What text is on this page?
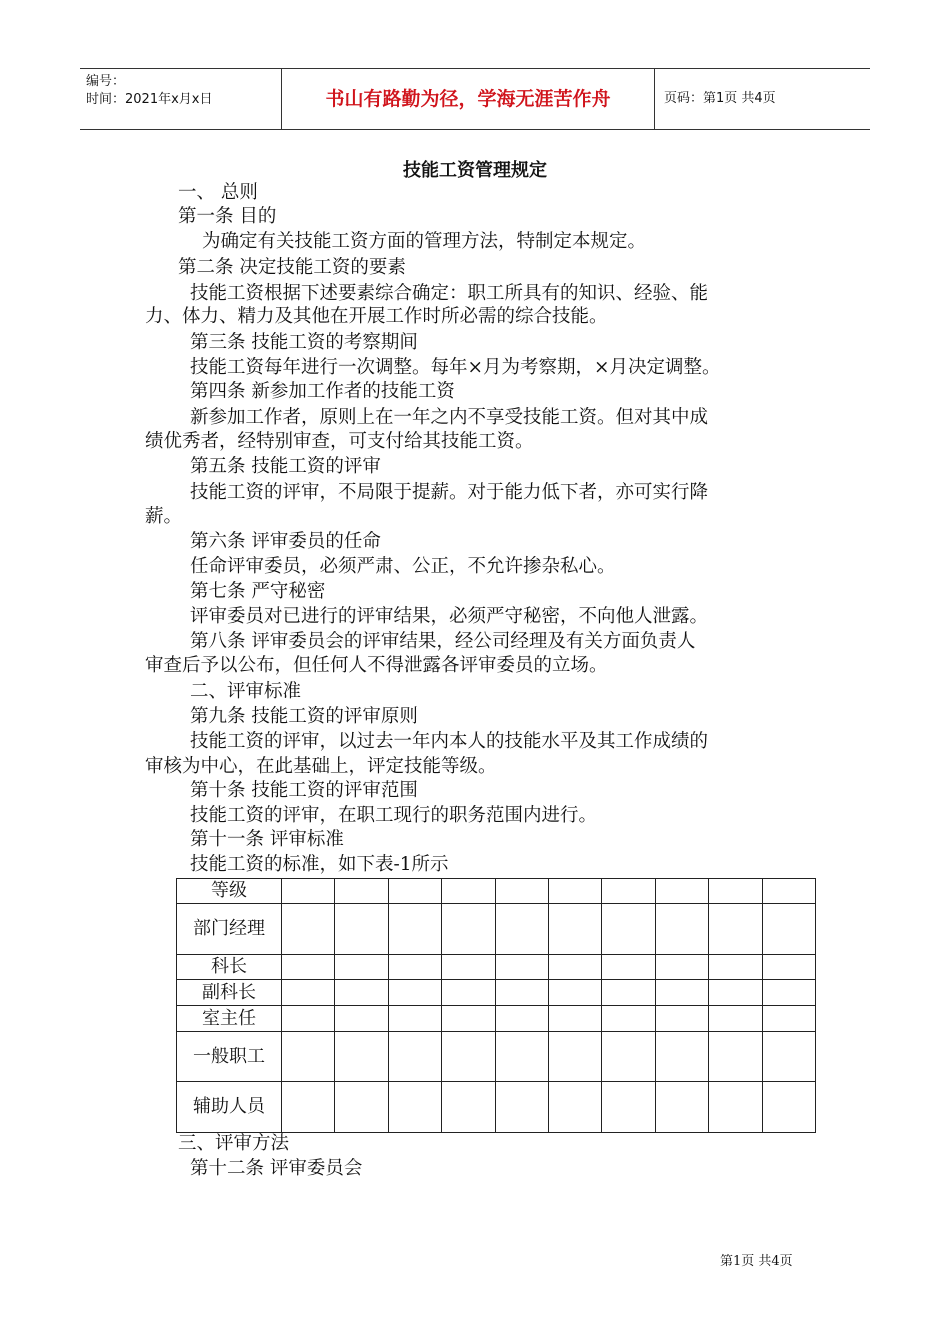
编号：
时间：2021年x月x日	书山有路勤为径，学海无涯苦作舟	页码：第1页 共4页
技能工资管理规定
一、 总则
第一条 目的
为确定有关技能工资方面的管理方法，特制定本规定。
第二条 决定技能工资的要素
技能工资根据下述要素综合确定：职工所具有的知识、经验、能
力、体力、精力及其他在开展工作时所必需的综合技能。
第三条 技能工资的考察期间
技能工资每年进行一次调整。每年×月为考察期，×月决定调整。
第四条 新参加工作者的技能工资
新参加工作者，原则上在一年之内不享受技能工资。但对其中成
绩优秀者，经特别审查，可支付给其技能工资。
第五条 技能工资的评审
技能工资的评审，不局限于提薪。对于能力低下者，亦可实行降
薪。
第六条 评审委员的任命
任命评审委员，必须严肃、公正，不允许掺杂私心。
第七条 严守秘密
评审委员对已进行的评审结果，必须严守秘密，不向他人泄露。
第八条 评审委员会的评审结果，经公司经理及有关方面负责人
审查后予以公布，但任何人不得泄露各评审委员的立场。
二、评审标准
第九条 技能工资的评审原则
技能工资的评审，以过去一年内本人的技能水平及其工作成绩的
审核为中心，在此基础上，评定技能等级。
第十条 技能工资的评审范围
技能工资的评审，在职工现行的职务范围内进行。
第十一条 评审标准
技能工资的标准，如下表-1所示
等级										
部门经理										
科长										
副科长										
室主任										
一般职工										
辅助人员										
三、评审方法
第十二条 评审委员会
第1页 共4页
